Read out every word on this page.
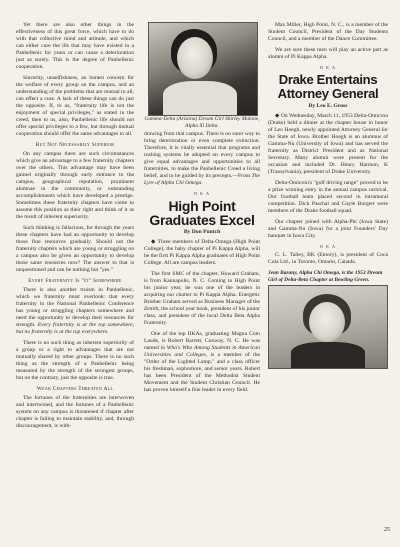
Yet there are also other things in the effectiveness of this great force, which have to do with that collective mind and attitude, and which can either cure the ills that may have existed in a Panhellenic for years or can cause a deterioration just as surely. This is the degree of Panhellenic cooperation.

Sincerity, unselfishness, an honest concern for the welfare of every group on the campus, and an understanding of the problems that are mutual to all, can effect a cure. A lack of these things can do just the opposite. If, to us, "fraternity life is not the enjoyment of special privileges," as stated in the creed, then to us, also, Panhellenic life should not offer special privileges to a few, but through mutual cooperation should offer the same advantages to all.

But Not Necessarily Superior

On any campus there are such circumstances which give an advantage to a few fraternity chapters over the others. This advantage may have been gained originally through early entrance to the campus, geographical reputation, prominent alumnae in the community, or outstanding accomplishments which have developed a prestige. Sometimes these fraternity chapters have come to assume this position as their right and think of it as the result of inherent superiority.

Such thinking is fallacious, for through the years these chapters have had an opportunity to develop those fine resources gradually. Should not the fraternity chapters which are young or struggling on a campus also be given an opportunity to develop those same resources now? The answer to that is unquestioned and can be nothing but "yes."

Every Fraternity Is "It" Somewhere

There is also another truism in Panhellenic, which we fraternity must overlook: that every fraternity in the National Panhellenic Conference has young or struggling chapters somewhere and need the opportunity to develop their resources for strength. Every fraternity is at the top somewhere, but no fraternity is at the top everywhere.

There is no such thing as inherent superiority of a group or a right to advantages that are not mutually shared by other groups. There is no such thing as the strength of a Panhellenic being measured by the strength of the strongest groups, but on the contrary, just the opposite is true.

Weak Chapters Threaten All

The fortunes of the fraternities are interwoven and intertwined, and the fortunes of a Panhellenic system on any campus is threatened if chapter after chapter is failing to maintain stability, and, through discouragement, is with-

Gamma-Delta (Arizona) Dream Girl Shirley Malone, Alpha Xi Delta.

drawing from that campus. There is no surer way to bring deterioration or even complete extinction. Therefore, it is vitally essential that programs and rushing systems be adopted on every campus to give equal advantages and opportunities to all fraternities, to make the Panhellenic Creed a living belief, and to be guided by its precepts.—From The Lyre of Alpha Chi Omega.

П К А
High Point Graduates Excel
By Don Puntch

◆ Three members of Delta-Omega (High Point College), the baby chapter of Pi Kappa Alpha, will be the first Pi Kappa Alpha graduates of High Point College. All are campus leaders.

The first SMC of the chapter, Howard Graham, is from Kannapolis, N. C. Coming to High Point his junior year, he was one of the leaders in acquiring our charter to Pi Kappa Alpha. Energetic Brother Graham served as Business Manager of the Zenith, the school year book, president of his junior class, and president of the local Delta Beta Alpha Fraternity.

One of the top IIKAs, graduating Magna Cum Laude, is Robert Barrett, Conway, N. C. He was named in Who's Who Among Students in American Universities and Colleges, is a member of the "Order of the Lighted Lamp," and a class officer his freshman, sophomore, and senior years. Robert has been President of the Methodist Student Movement and the Student Christian Council. He has proven himself a fine leader in every field.

Max Miller, High Point, N. C., is a member of the Student Council, President of the Day Students Council, and a member of the Dance Committee.

We are sure these men will play an active part as alumni of Pi Kappa Alpha.

П К А
Drake Entertains Attorney General
By Leo E. Gross

◆ On Wednesday, March 11, 1953 Delta-Omicron (Drake) held a dinner at the chapter house in honor of Leo Hoegh, newly appointed Attorney General for the State of Iowa. Brother Hoegh is an alumnus of Gamma-Nu (University of Iowa) and has served the fraternity as District President and as National Secretary. Many alumni were present for the occasion and included Dr. Henry Harmon, K (Transylvania), president of Drake University.

Delta-Omicron's "golf driving range" proved to be a prize winning entry in the annual campus carnival. Our football team placed second in intramural competition. Dick Paschal and Gayle Burgert were members of the Drake football squad.

Our chapter joined with Alpha-Phi (Iowa State) and Gamma-Nu (Iowa) for a joint Founders' Day banquet in Iowa City.

П К А

C. L. Talley, BK (Emory), is president of Coca Cola Ltd., in Toronto, Ontario, Canada.

Jean Barany, Alpha Chi Omega, is the 1953 Dream Girl of Delta-Beta Chapter at Bowling Green.
25
